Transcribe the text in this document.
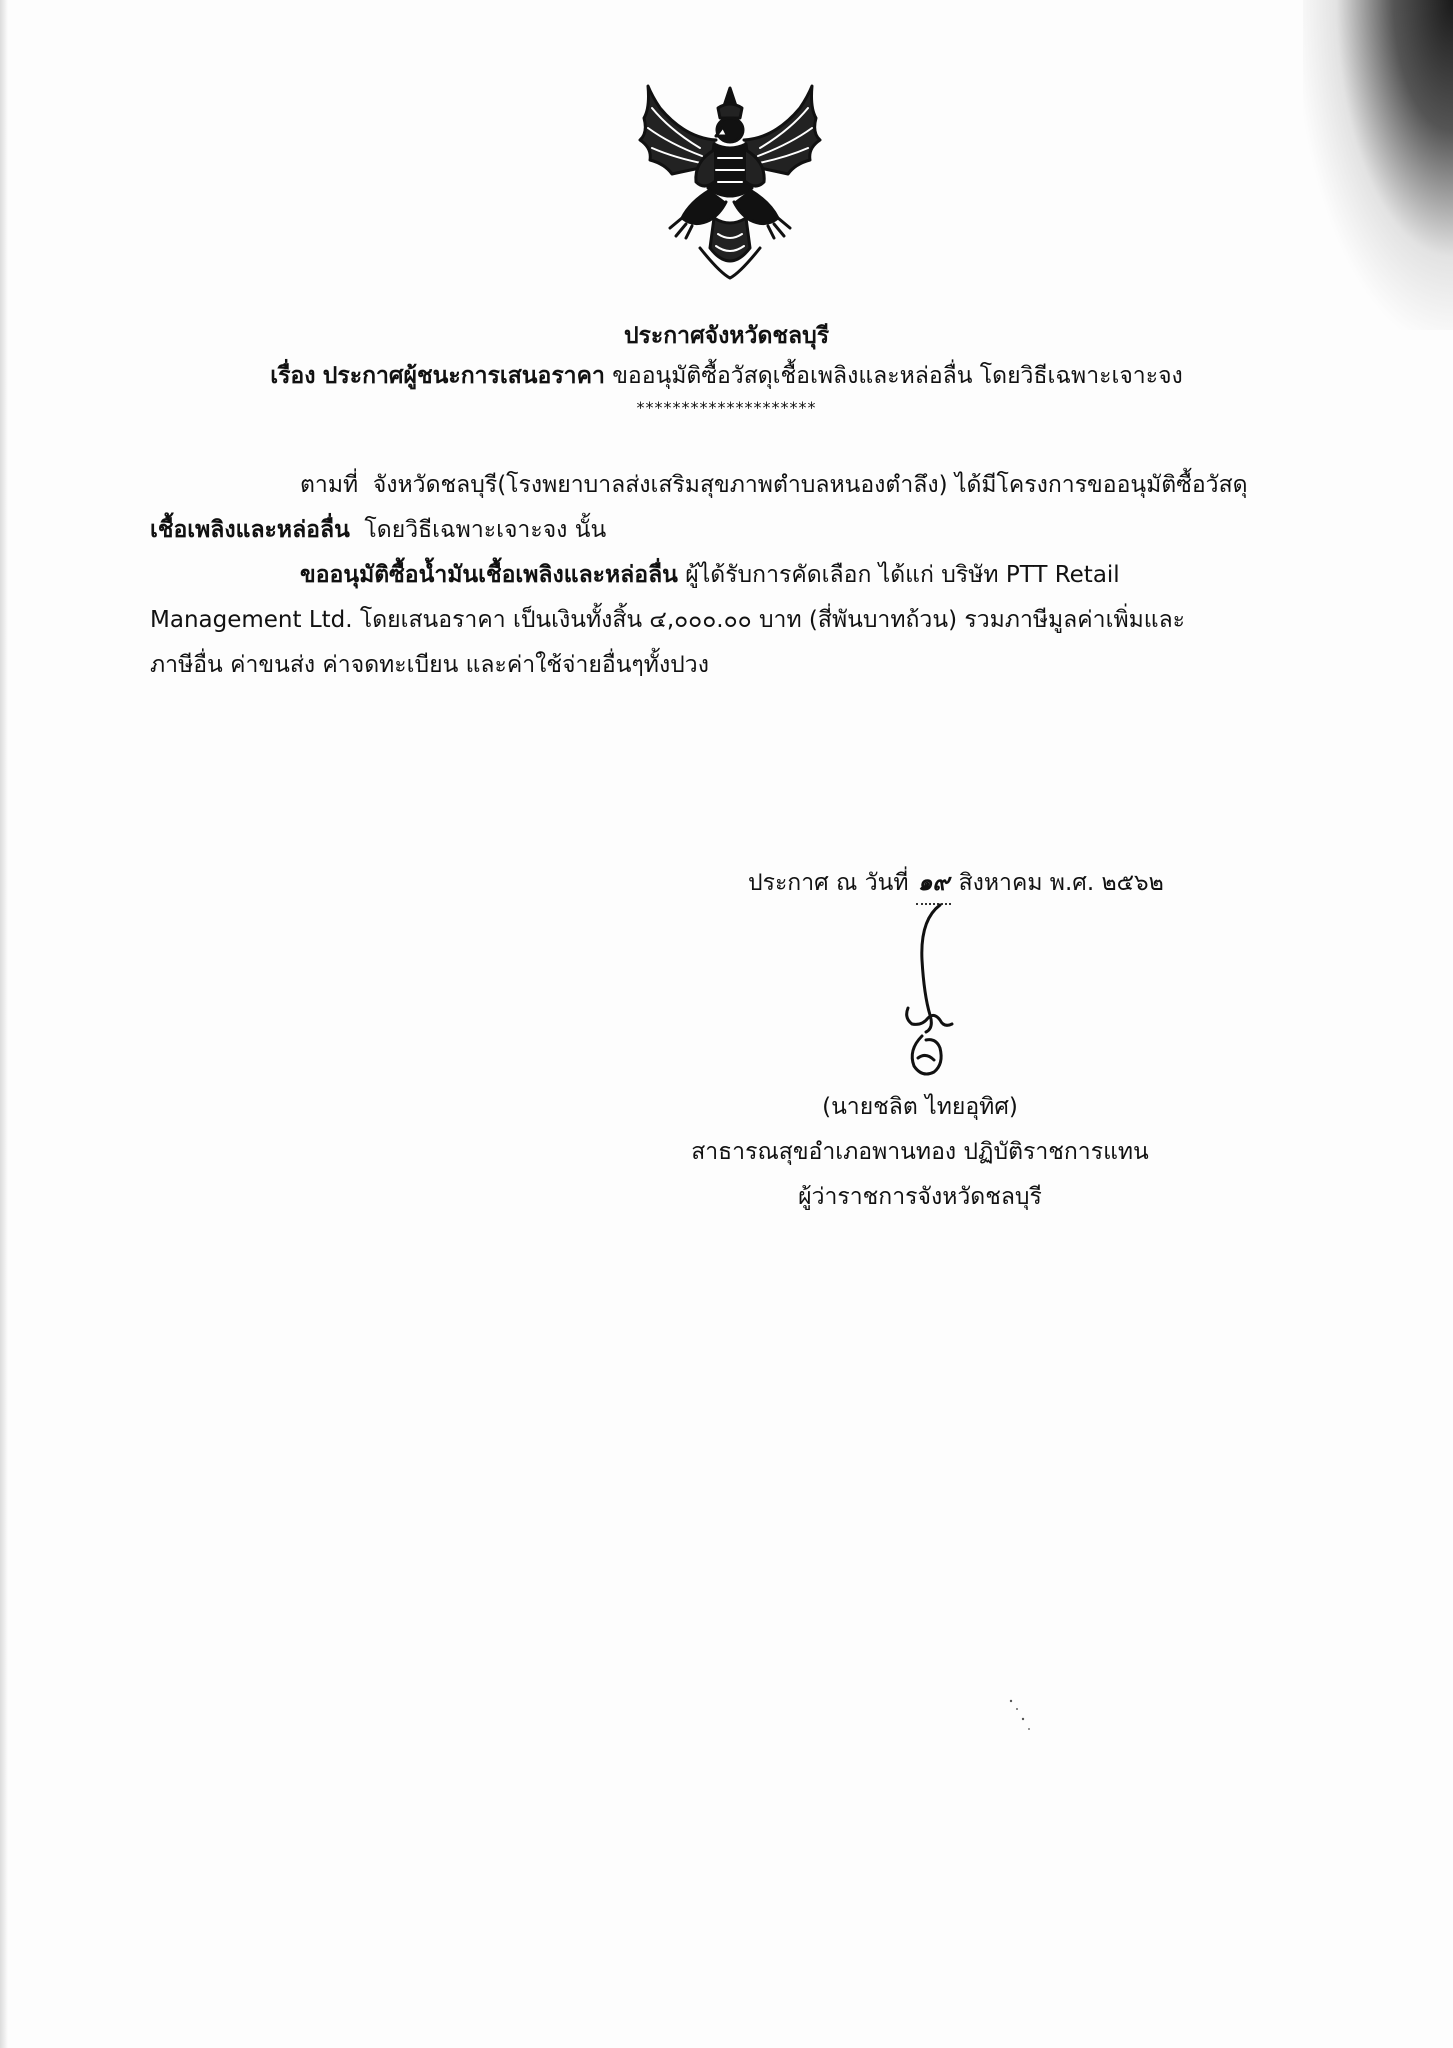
ประกาศจังหวัดชลบุรี
เรื่อง ประกาศผู้ชนะการเสนอราคา ขออนุมัติซื้อวัสดุเชื้อเพลิงและหล่อลื่น โดยวิธีเฉพาะเจาะจง
********************

ตามที่ จังหวัดชลบุรี(โรงพยาบาลส่งเสริมสุขภาพตำบลหนองตำลึง) ได้มีโครงการขออนุมัติซื้อวัสดุ
เชื้อเพลิงและหล่อลื่น โดยวิธีเฉพาะเจาะจง นั้น

ขออนุมัติซื้อน้ำมันเชื้อเพลิงและหล่อลื่น ผู้ได้รับการคัดเลือก ได้แก่ บริษัท PTT Retail
Management Ltd. โดยเสนอราคา เป็นเงินทั้งสิ้น ๔,๐๐๐.๐๐ บาท (สี่พันบาทถ้วน) รวมภาษีมูลค่าเพิ่มและ
ภาษีอื่น ค่าขนส่ง ค่าจดทะเบียน และค่าใช้จ่ายอื่นๆทั้งปวง

ประกาศ ณ วันที่ ๑๙ สิงหาคม พ.ศ. ๒๕๖๒
(นายชลิต ไทยอุทิศ)
สาธารณสุขอำเภอพานทอง ปฏิบัติราชการแทน
ผู้ว่าราชการจังหวัดชลบุรี
